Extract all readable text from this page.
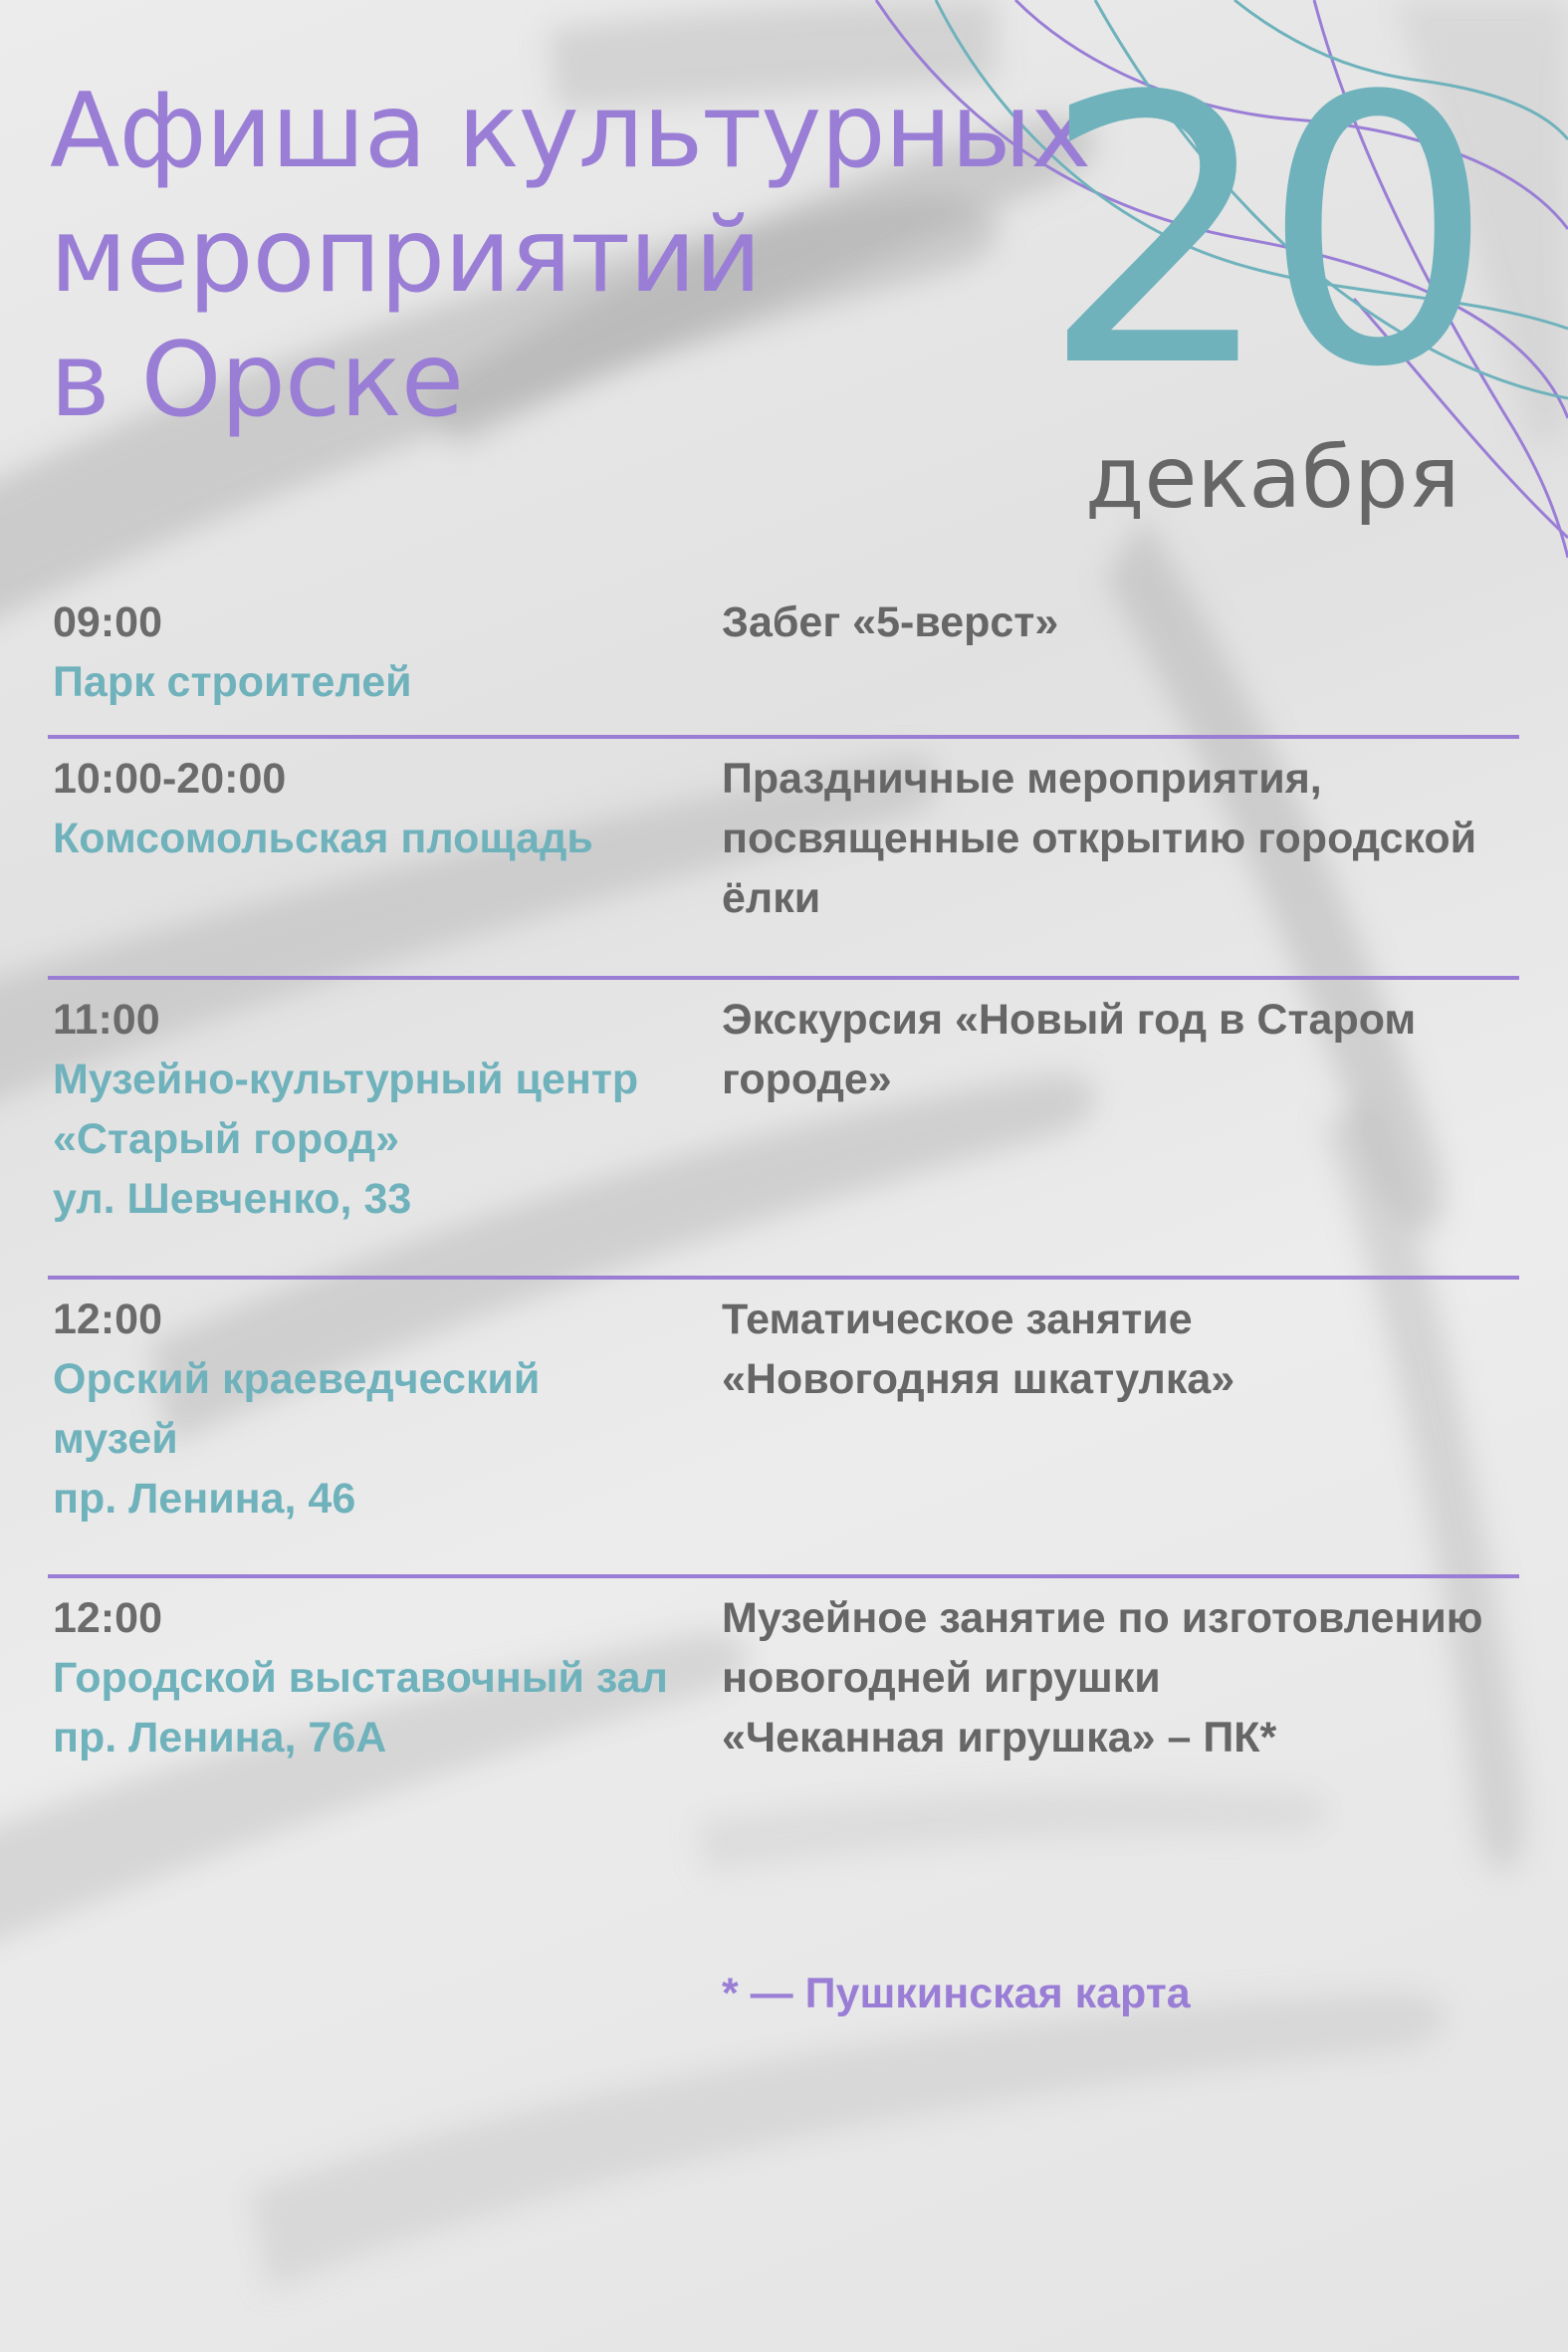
Афиша культурных
мероприятий
в Орске	20
декабря
09:00
Парк строителей
Забег «5-верст»
10:00-20:00
Комсомольская площадь
Праздничные мероприятия,
посвященные открытию городской
ёлки
11:00
Музейно-культурный центр
«Старый город»
ул. Шевченко, 33
Экскурсия «Новый год в Старом
городе»
12:00
Орский краеведческий
музей
пр. Ленина, 46
Тематическое занятие
«Новогодняя шкатулка»
12:00
Городской выставочный зал
пр. Ленина, 76А
Музейное занятие по изготовлению
новогодней игрушки
«Чеканная игрушка» – ПК*
* — Пушкинская карта
